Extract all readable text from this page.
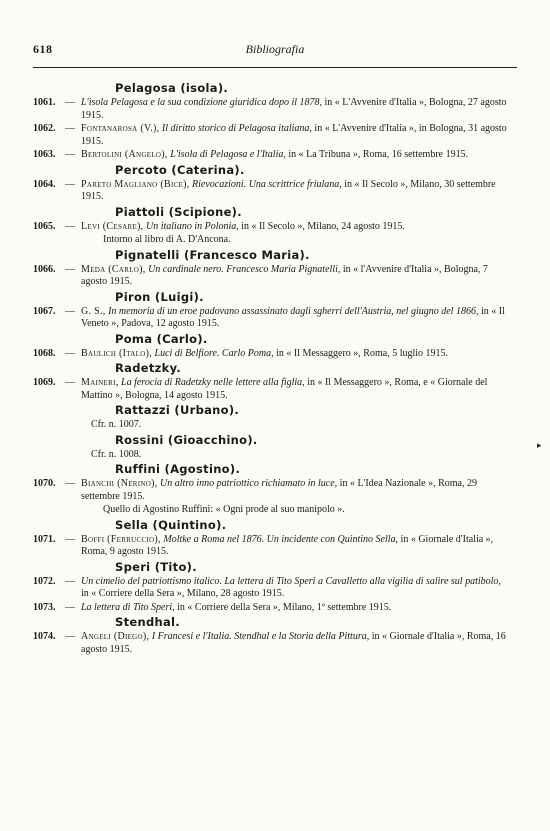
Bibliografia
618
Pelagosa (isola).
1061. — L'isola Pelagosa e la sua condizione giuridica dopo il 1878, in « L'Avvenire d'Italia », Bologna, 27 agosto 1915.
1062. — Fontanarosa (V.), Il diritto storico di Pelagosa italiana, in « L'Avvenire d'Italia », in Bologna, 31 agosto 1915.
1063. — Bertolini (Angelo), L'isola di Pelagosa e l'Italia, in « La Tribuna », Roma, 16 settembre 1915.
Percoto (Caterina).
1064. — Pareto Magliano (Bice), Rievocazioni. Una scrittrice friulana, in « Il Secolo », Milano, 30 settembre 1915.
Piattoli (Scipione).
1065. — Levi (Cesare), Un italiano in Polonia, in « Il Secolo », Milano, 24 agosto 1915.
Intorno al libro di A. D'Ancona.
Pignatelli (Francesco Maria).
1066. — Meda (Carlo), Un cardinale nero. Francesco Maria Pignatelli, in « l'Avvenire d'Italia », Bologna, 7 agosto 1915.
Piron (Luigi).
1067. — G. S., In memoria di un eroe padovano assassinato dagli sgherri dell'Austria, nel giugno del 1866, in « Il Veneto », Padova, 12 agosto 1915.
Poma (Carlo).
1068. — Baulich (Italo), Luci di Belfiore. Carlo Poma, in « Il Messaggero », Roma, 5 luglio 1915.
Radetzky.
1069. — Maineri, La ferocia di Radetzky nelle lettere alla figlia, in « Il Messaggero », Roma, e « Giornale del Mattino », Bologna, 14 agosto 1915.
Rattazzi (Urbano).
Cfr. n. 1007.
Rossini (Gioacchino).
Cfr. n. 1008.
Ruffini (Agostino).
1070. — Bianchi (Nerino), Un altro inno patriottico richiamato in luce, in « L'Idea Nazionale », Roma, 29 settembre 1915.
Quello di Agostino Ruffini: « Ogni prode al suo manipolo ».
Sella (Quintino).
1071. — Boffi (Ferruccio), Moltke a Roma nel 1876. Un incidente con Quintino Sella, in « Giornale d'Italia », Roma, 9 agosto 1915.
Speri (Tito).
1072. — Un cimelio del patriottismo italico. La lettera di Tito Speri a Cavalletto alla vigilia di salire sul patibolo, in « Corriere della Sera », Milano, 28 agosto 1915.
1073. — La lettera di Tito Speri, in « Corriere della Sera », Milano, 1º settembre 1915.
Stendhal.
1074. — Angeli (Diego), I Francesi e l'Italia. Stendhal e la Storia della Pittura, in « Giornale d'Italia », Roma, 16 agosto 1915.
▸
